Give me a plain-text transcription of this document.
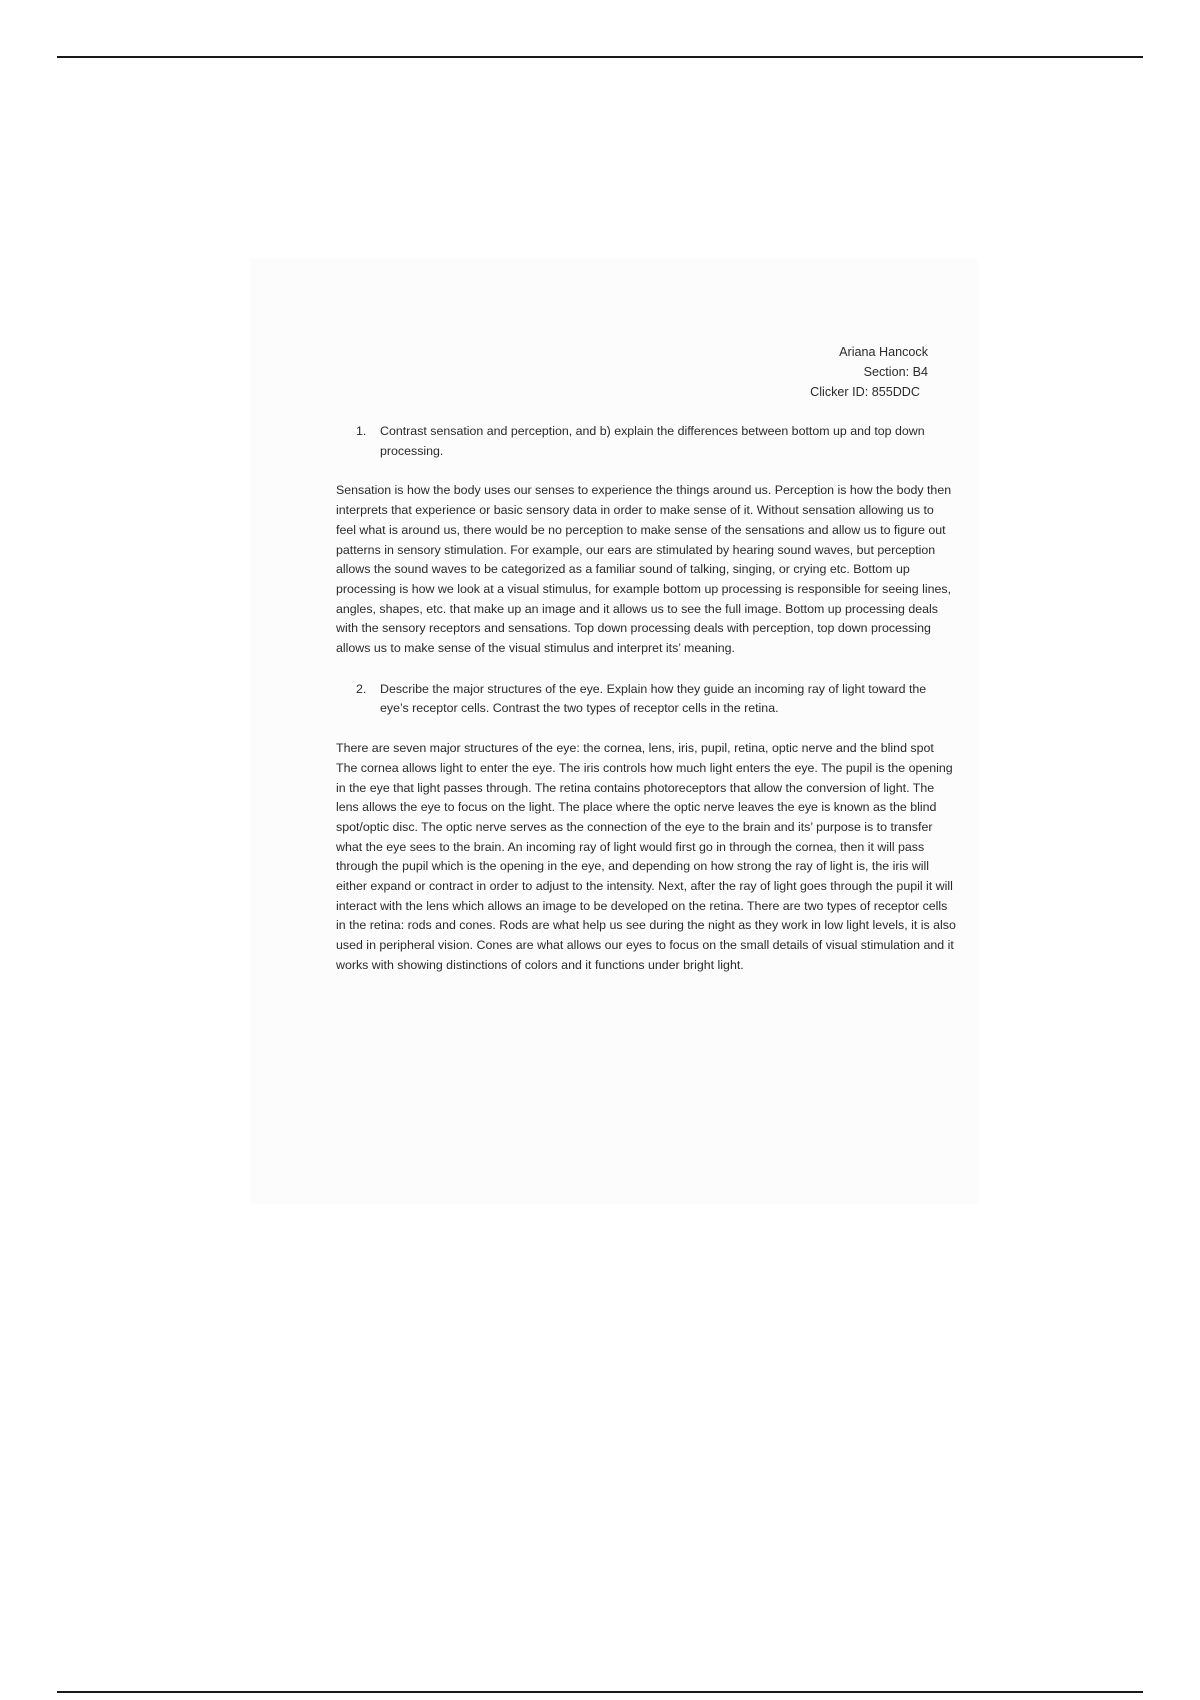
Ariana Hancock
Section: B4
Clicker ID: 855DDC

1. Contrast sensation and perception, and b) explain the differences between bottom up and top down processing.

Sensation is how the body uses our senses to experience the things around us. Perception is how the body then interprets that experience or basic sensory data in order to make sense of it. Without sensation allowing us to feel what is around us, there would be no perception to make sense of the sensations and allow us to figure out patterns in sensory stimulation. For example, our ears are stimulated by hearing sound waves, but perception allows the sound waves to be categorized as a familiar sound of talking, singing, or crying etc. Bottom up processing is how we look at a visual stimulus, for example bottom up processing is responsible for seeing lines, angles, shapes, etc. that make up an image and it allows us to see the full image. Bottom up processing deals with the sensory receptors and sensations. Top down processing deals with perception, top down processing allows us to make sense of the visual stimulus and interpret its’ meaning.

2. Describe the major structures of the eye. Explain how they guide an incoming ray of light toward the eye’s receptor cells. Contrast the two types of receptor cells in the retina.

There are seven major structures of the eye: the cornea, lens, iris, pupil, retina, optic nerve and the blind spot The cornea allows light to enter the eye. The iris controls how much light enters the eye. The pupil is the opening in the eye that light passes through. The retina contains photoreceptors that allow the conversion of light. The lens allows the eye to focus on the light. The place where the optic nerve leaves the eye is known as the blind spot/optic disc. The optic nerve serves as the connection of the eye to the brain and its’ purpose is to transfer what the eye sees to the brain. An incoming ray of light would first go in through the cornea, then it will pass through the pupil which is the opening in the eye, and depending on how strong the ray of light is, the iris will either expand or contract in order to adjust to the intensity. Next, after the ray of light goes through the pupil it will interact with the lens which allows an image to be developed on the retina. There are two types of receptor cells in the retina: rods and cones. Rods are what help us see during the night as they work in low light levels, it is also used in peripheral vision. Cones are what allows our eyes to focus on the small details of visual stimulation and it works with showing distinctions of colors and it functions under bright light.
